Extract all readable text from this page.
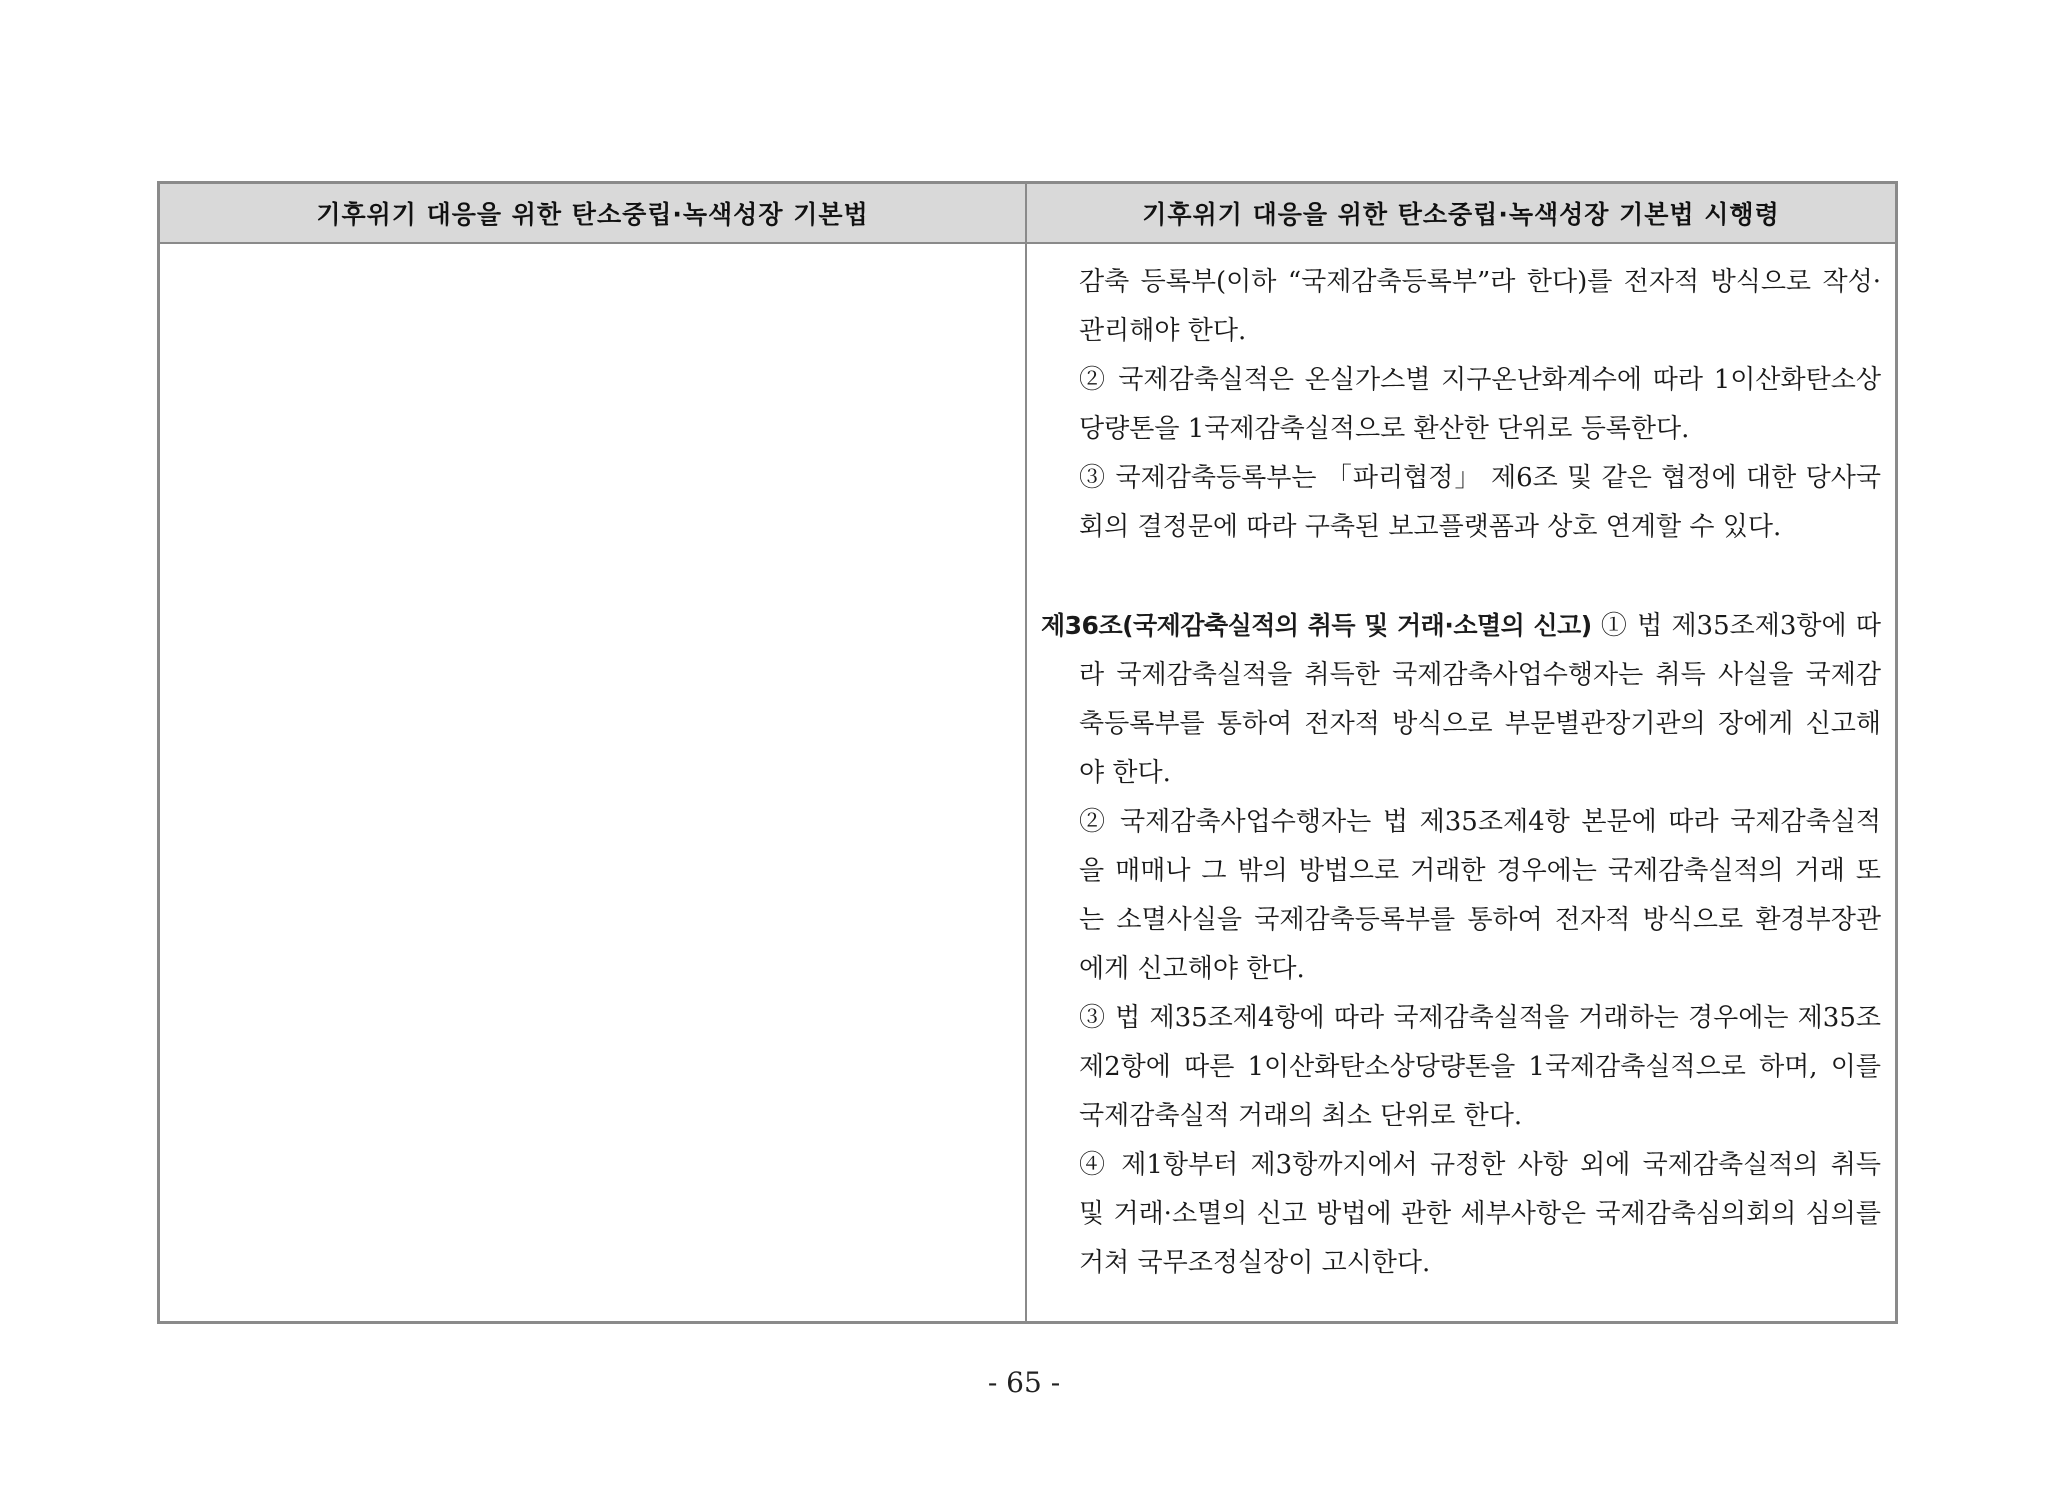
기후위기 대응을 위한 탄소중립·녹색성장 기본법	기후위기 대응을 위한 탄소중립·녹색성장 기본법 시행령

감축 등록부(이하 “국제감축등록부”라 한다)를 전자적 방식으로 작성·관리해야 한다.

② 국제감축실적은 온실가스별 지구온난화계수에 따라 1이산화탄소상당량톤을 1국제감축실적으로 환산한 단위로 등록한다.

③ 국제감축등록부는 「파리협정」 제6조 및 같은 협정에 대한 당사국회의 결정문에 따라 구축된 보고플랫폼과 상호 연계할 수 있다.

제36조(국제감축실적의 취득 및 거래·소멸의 신고) ① 법 제35조제3항에 따라 국제감축실적을 취득한 국제감축사업수행자는 취득 사실을 국제감축등록부를 통하여 전자적 방식으로 부문별관장기관의 장에게 신고해야 한다.

② 국제감축사업수행자는 법 제35조제4항 본문에 따라 국제감축실적을 매매나 그 밖의 방법으로 거래한 경우에는 국제감축실적의 거래 또는 소멸사실을 국제감축등록부를 통하여 전자적 방식으로 환경부장관에게 신고해야 한다.

③ 법 제35조제4항에 따라 국제감축실적을 거래하는 경우에는 제35조제2항에 따른 1이산화탄소상당량톤을 1국제감축실적으로 하며, 이를 국제감축실적 거래의 최소 단위로 한다.

④ 제1항부터 제3항까지에서 규정한 사항 외에 국제감축실적의 취득 및 거래·소멸의 신고 방법에 관한 세부사항은 국제감축심의회의 심의를 거쳐 국무조정실장이 고시한다.

- 65 -
